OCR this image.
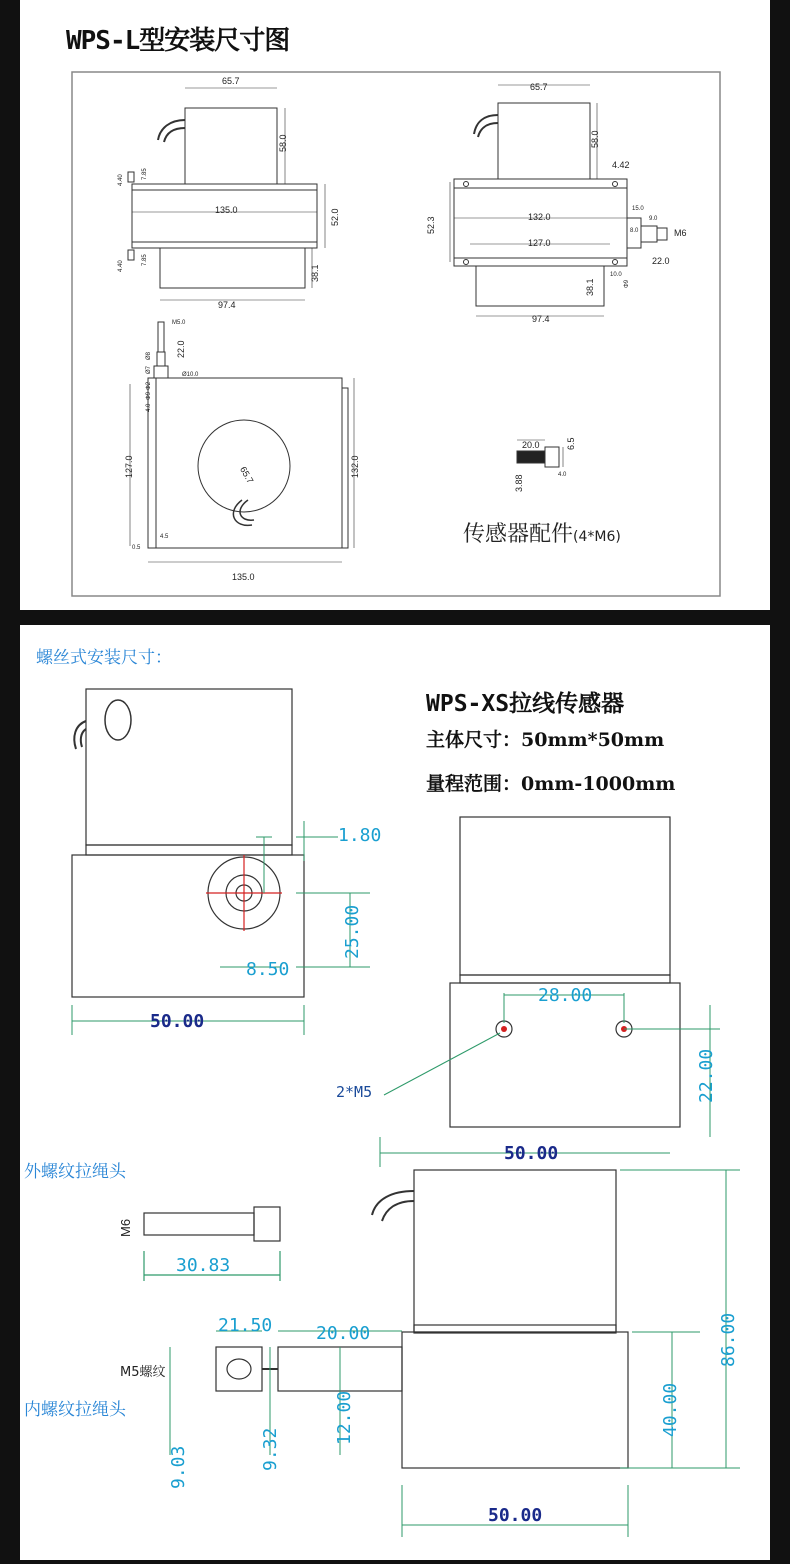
WPS-L型安装尺寸图
65.7
58.0
135.0	52.0
38.1
97.4
4.40
7.85
4.40
7.85
65.7
58.0
4.42
52.3	132.0
127.0
15.0
9.0
8.0	M6
22.0
10.0
Φ9
38.1
97.4
M5.0
22.0
Ø10.0
Ø8
Ø7
127.0	132.0
135.0
65.7
4.5
0.5
Φ2
4.0
Φ9
20.0	6.5
3.88	4.0
传感器配件(4*M6)
螺丝式安装尺寸：
WPS-XS拉线传感器
主体尺寸：50mm*50mm
量程范围：0mm-1000mm
1.80
25.00
8.50
50.00
28.00
22.00
2*M5
50.00
外螺纹拉绳头
M6
30.83
86.00
21.50 20.00
M5螺纹
内螺纹拉绳头	40.00
9.03	9.32
12.00
50.00
